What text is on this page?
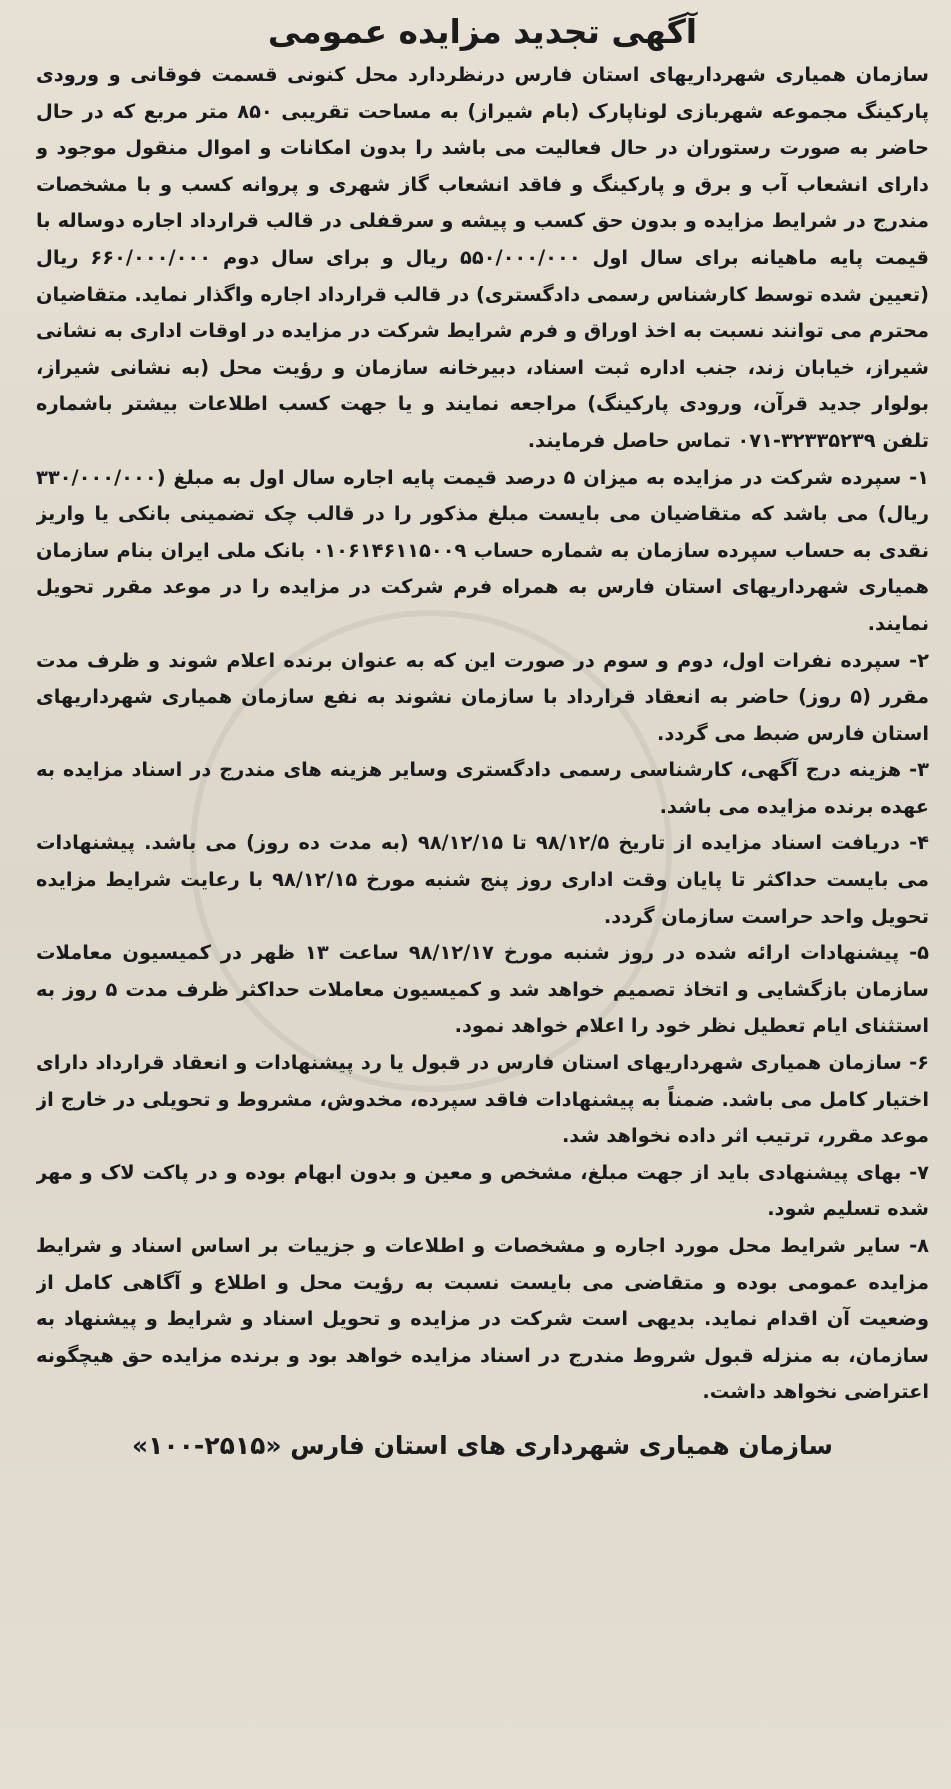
آگهی تجدید مزایده عمومی

سازمان همیاری شهرداریهای استان فارس درنظردارد محل کنونی قسمت فوقانی و ورودی پارکینگ مجموعه شهربازی لوناپارک (بام شیراز) به مساحت تقریبی ۸۵۰ متر مربع که در حال حاضر به صورت رستوران در حال فعالیت می باشد را بدون امکانات و اموال منقول موجود و دارای انشعاب آب و برق و پارکینگ و فاقد انشعاب گاز شهری و پروانه کسب و با مشخصات مندرج در شرایط مزایده و بدون حق کسب و پیشه و سرقفلی در قالب قرارداد اجاره دوساله با قیمت پایه ماهیانه برای سال اول ۵۵۰/۰۰۰/۰۰۰ ریال و برای سال دوم ۶۶۰/۰۰۰/۰۰۰ ریال (تعیین شده توسط کارشناس رسمی دادگستری) در قالب قرارداد اجاره واگذار نماید. متقاضیان محترم می توانند نسبت به اخذ اوراق و فرم شرایط شرکت در مزایده در اوقات اداری به نشانی شیراز، خیابان زند، جنب اداره ثبت اسناد، دبیرخانه سازمان و رؤیت محل (به نشانی شیراز، بولوار جدید قرآن، ورودی پارکینگ) مراجعه نمایند و یا جهت کسب اطلاعات بیشتر باشماره تلفن ۳۲۳۳۵۲۳۹-۰۷۱ تماس حاصل فرمایند.

۱- سپرده شرکت در مزایده به میزان ۵ درصد قیمت پایه اجاره سال اول به مبلغ (۳۳۰/۰۰۰/۰۰۰ ریال) می باشد که متقاضیان می بایست مبلغ مذکور را در قالب چک تضمینی بانکی یا واریز نقدی به حساب سپرده سازمان به شماره حساب ۰۱۰۶۱۴۶۱۱۵۰۰۹ بانک ملی ایران بنام سازمان همیاری شهرداریهای استان فارس به همراه فرم شرکت در مزایده را در موعد مقرر تحویل نمایند.

۲- سپرده نفرات اول، دوم و سوم در صورت این که به عنوان برنده اعلام شوند و ظرف مدت مقرر (۵ روز) حاضر به انعقاد قرارداد با سازمان نشوند به نفع سازمان همیاری شهرداریهای استان فارس ضبط می گردد.

۳- هزینه درج آگهی، کارشناسی رسمی دادگستری وسایر هزینه های مندرج در اسناد مزایده به عهده برنده مزایده می باشد.

۴- دریافت اسناد مزایده از تاریخ ۹۸/۱۲/۵ تا ۹۸/۱۲/۱۵ (به مدت ده روز) می باشد. پیشنهادات می بایست حداکثر تا پایان وقت اداری روز پنج شنبه مورخ ۹۸/۱۲/۱۵ با رعایت شرایط مزایده تحویل واحد حراست سازمان گردد.

۵- پیشنهادات ارائه شده در روز شنبه مورخ ۹۸/۱۲/۱۷ ساعت ۱۳ ظهر در کمیسیون معاملات سازمان بازگشایی و اتخاذ تصمیم خواهد شد و کمیسیون معاملات حداکثر ظرف مدت ۵ روز به استثنای ایام تعطیل نظر خود را اعلام خواهد نمود.

۶- سازمان همیاری شهرداریهای استان فارس در قبول یا رد پیشنهادات و انعقاد قرارداد دارای اختیار کامل می باشد. ضمناً به پیشنهادات فاقد سپرده، مخدوش، مشروط و تحویلی در خارج از موعد مقرر، ترتیب اثر داده نخواهد شد.

۷- بهای پیشنهادی باید از جهت مبلغ، مشخص و معین و بدون ابهام بوده و در پاکت لاک و مهر شده تسلیم شود.

۸- سایر شرایط محل مورد اجاره و مشخصات و اطلاعات و جزییات بر اساس اسناد و شرایط مزایده عمومی بوده و متقاضی می بایست نسبت به رؤیت محل و اطلاع و آگاهی کامل از وضعیت آن اقدام نماید. بدیهی است شرکت در مزایده و تحویل اسناد و شرایط و پیشنهاد به سازمان، به منزله قبول شروط مندرج در اسناد مزایده خواهد بود و برنده مزایده حق هیچگونه اعتراضی نخواهد داشت.

سازمان همیاری شهرداری های استان فارس «۲۵۱۵-۱۰۰»
